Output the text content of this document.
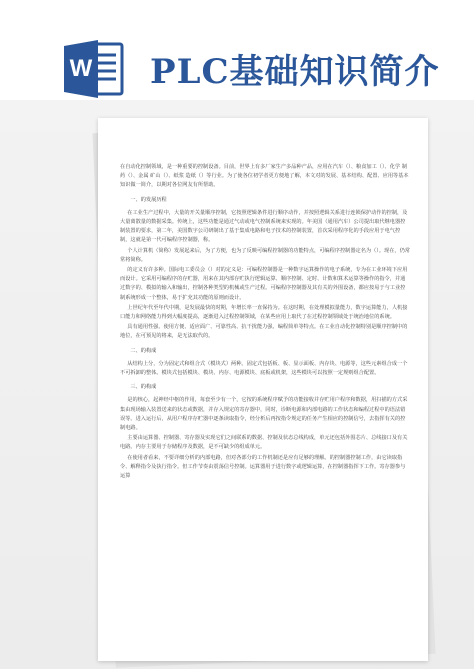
W PLC基础知识简介

在自动化控制领域，是一种重要的控制设备。目前，世界上有多厂家生产多品种产品，应用在汽车（）、粮食加工（）、化学 制药（）、金属 矿山（）、纸浆 造纸（）等行业。为了使各位初学者更方便地了解，本文对的发展、基本结构、配置、应用等基本知识做一简介，以期对各位网友有所帮助。

一、的发展历程

在工业生产过程中，大量的开关量顺序控制，它按照逻辑条件进行顺序动作，并按照逻辑关系进行连锁保护动作的控制，及大量离散量的数据采集。传统上，这些功能是通过气动或电气控制系统来实现的。年美国（通用汽车）公司提出取代继电器控制装置的要求，第二年，美国数字公司研制出了基于集成电路和电子技术的控制装置，首次采用程序化的手段应用于电气控制，这就是第一代可编程序控制器，称。

个人计算机（简称）发展起来后，为了方便，也为了反映可编程控制器的功能特点，可编程序控制器定名为（）。现在，仍常常将简称。

的定义有许多种。国际电工委员会（）对的定义是：可编程控制器是一种数字运算操作的电子系统，专为在工业环境下应用而设计。它采用可编程序的存贮器，用来在其内部存贮执行逻辑运算、顺序控制、定时、计数和算术运算等操作的指令，并通过数字的、模拟的输入和输出，控制各种类型的机械或生产过程。可编程序控制器及其有关的外围设备，都应按易于与工业控制系统形成一个整体，易于扩充其功能的原则而设计。

上世纪年代至年代中期，是发展最快的时期，年增长率一直保持为。在这时期，在处理模拟量能力，数字运算能力，人机接口能力和网络能力得到大幅度提高，逐渐进入过程控制领域，在某些应用上取代了在过程控制领域处于统治地位的系统。

具有通用性强、使用方便、适应面广、可靠性高、抗干扰能力强、编程简单等特点。在工业自动化控制特别是顺序控制中的地位，在可预见的将来，是无法取代的。

二、的构成

从结构上分，分为固定式和组合式（模块式）两种。固定式包括板、板、显示面板、内存块、电源等，这些元素组合成一个不可拆卸的整体。模块式包括模块、模块、内存、电源模块、底板或机架，这些模块可以按照一定规则组合配置。

三、的构成

是的核心，起神经中枢的作用，每套至少有一个，它按的系统程序赋予的功能接收并存贮用户程序和数据，用扫描的方式采集由现场输入装置送来的状态或数据，并存入规定的寄存器中，同时，诊断电源和内部电路的工作状态和编程过程中的语法错误等。进入运行后，从用户程序存贮器中逐条读取指令，经分析后再按指令规定的任务产生相应的控制信号，去指挥有关的控制电路。

主要由运算器、控制器、寄存器及实现它们之间联系的数据、控制及状态总线构成，单元还包括外围芯片、总线接口及有关电路。内存主要用于存储程序及数据，是不可缺少的组成单元。

在使用者看来，不要详细分析的内部电路，但对各部分的工作机制还是应有足够的理解。的控制器控制工作，由它读取指令、解释指令及执行指令。但工作节奏由震荡信号控制。运算器用于进行数字或逻辑运算，在控制器指挥下工作。寄存器参与运算
